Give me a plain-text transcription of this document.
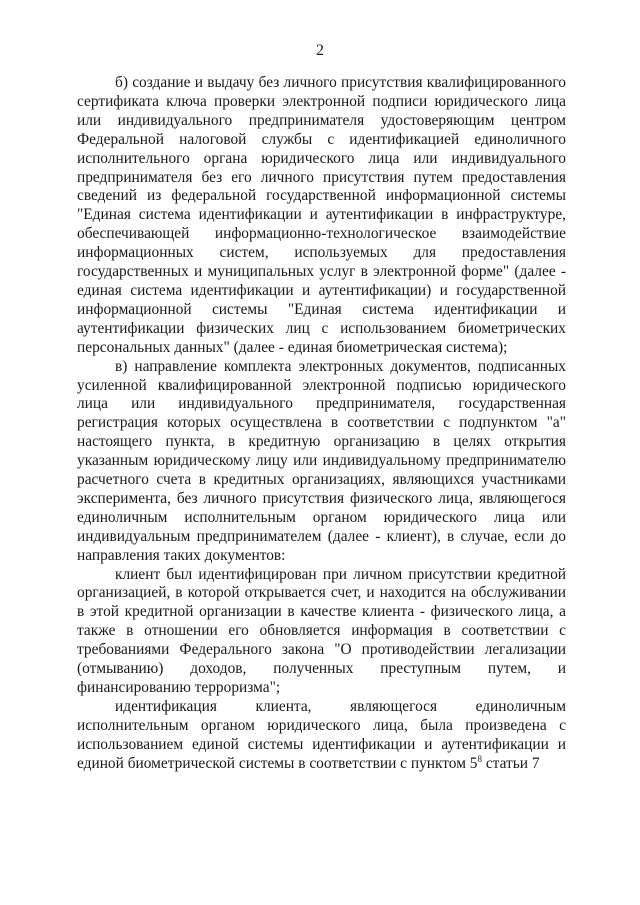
2

б) создание и выдачу без личного присутствия квалифицированного сертификата ключа проверки электронной подписи юридического лица или индивидуального предпринимателя удостоверяющим центром Федеральной налоговой службы с идентификацией единоличного исполнительного органа юридического лица или индивидуального предпринимателя без его личного присутствия путем предоставления сведений из федеральной государственной информационной системы "Единая система идентификации и аутентификации в инфраструктуре, обеспечивающей информационно-технологическое взаимодействие информационных систем, используемых для предоставления государственных и муниципальных услуг в электронной форме" (далее - единая система идентификации и аутентификации) и государственной информационной системы "Единая система идентификации и аутентификации физических лиц с использованием биометрических персональных данных" (далее - единая биометрическая система);

в) направление комплекта электронных документов, подписанных усиленной квалифицированной электронной подписью юридического лица или индивидуального предпринимателя, государственная регистрация которых осуществлена в соответствии с подпунктом "а" настоящего пункта, в кредитную организацию в целях открытия указанным юридическому лицу или индивидуальному предпринимателю расчетного счета в кредитных организациях, являющихся участниками эксперимента, без личного присутствия физического лица, являющегося единоличным исполнительным органом юридического лица или индивидуальным предпринимателем (далее - клиент), в случае, если до направления таких документов:

клиент был идентифицирован при личном присутствии кредитной организацией, в которой открывается счет, и находится на обслуживании в этой кредитной организации в качестве клиента - физического лица, а также в отношении его обновляется информация в соответствии с требованиями Федерального закона "О противодействии легализации (отмыванию) доходов, полученных преступным путем, и финансированию терроризма";

идентификация клиента, являющегося единоличным исполнительным органом юридического лица, была произведена с использованием единой системы идентификации и аутентификации и единой биометрической системы в соответствии с пунктом $5^8$ статьи 7
